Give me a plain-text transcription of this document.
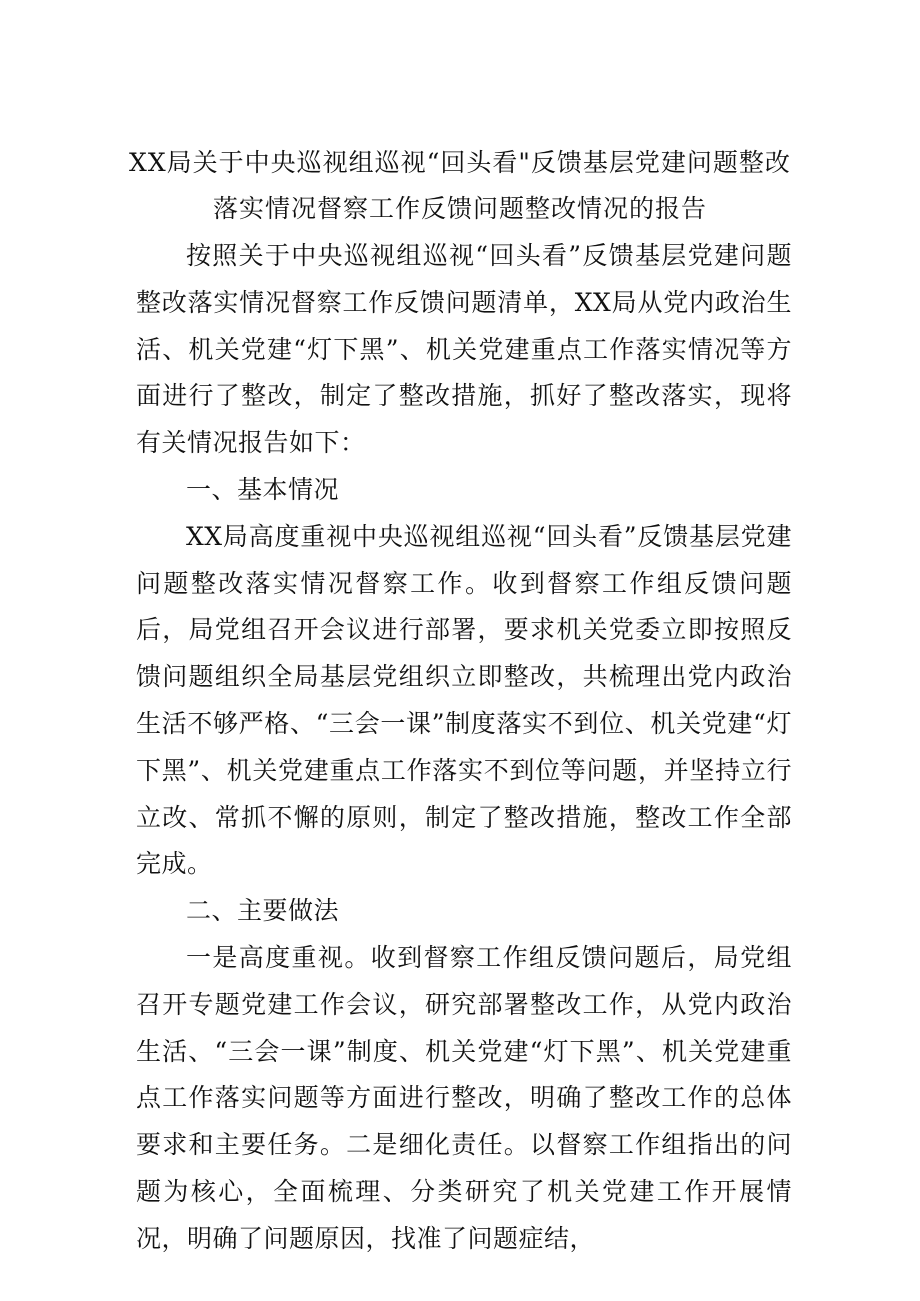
XX局关于中央巡视组巡视“回头看"反馈基层党建问题整改
落实情况督察工作反馈问题整改情况的报告

按照关于中央巡视组巡视“回头看”反馈基层党建问题整改落实情况督察工作反馈问题清单，XX局从党内政治生活、机关党建“灯下黑”、机关党建重点工作落实情况等方面进行了整改，制定了整改措施，抓好了整改落实，现将有关情况报告如下：

一、基本情况

XX局高度重视中央巡视组巡视“回头看”反馈基层党建问题整改落实情况督察工作。收到督察工作组反馈问题后，局党组召开会议进行部署，要求机关党委立即按照反馈问题组织全局基层党组织立即整改，共梳理出党内政治生活不够严格、“三会一课”制度落实不到位、机关党建“灯下黑”、机关党建重点工作落实不到位等问题，并坚持立行立改、常抓不懈的原则，制定了整改措施，整改工作全部完成。

二、主要做法

一是高度重视。收到督察工作组反馈问题后，局党组召开专题党建工作会议，研究部署整改工作，从党内政治生活、“三会一课”制度、机关党建“灯下黑”、机关党建重点工作落实问题等方面进行整改，明确了整改工作的总体要求和主要任务。二是细化责任。以督察工作组指出的问题为核心，全面梳理、分类研究了机关党建工作开展情况，明确了问题原因，找准了问题症结，
